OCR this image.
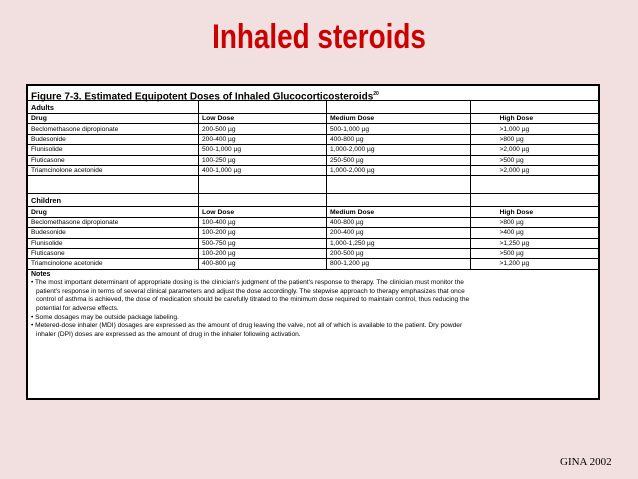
Inhaled steroids
Figure 7-3. Estimated Equipotent Doses of Inhaled Glucocorticosteroids$^{20}$
Adults			
Drug	Low Dose	Medium Dose	High Dose
Beclomethasone dipropionate	200-500 µg	500-1,000 µg	>1,000 µg
Budesonide	200-400 µg	400-800 µg	>800 µg
Flunisolide	500-1,000 µg	1,000-2,000 µg	>2,000 µg
Fluticasone	100-250 µg	250-500 µg	>500 µg
Triamcinolone acetonide	400-1,000 µg	1,000-2,000 µg	>2,000 µg

Children			
Drug	Low Dose	Medium Dose	High Dose
Beclomethasone dipropionate	100-400 µg	400-800 µg	>800 µg
Budesonide	100-200 µg	200-400 µg	>400 µg
Flunisolide	500-750 µg	1,000-1,250 µg	>1,250 µg
Fluticasone	100-200 µg	200-500 µg	>500 µg
Triamcinolone acetonide	400-800 µg	800-1,200 µg	>1,200 µg
Notes
• The most important determinant of appropriate dosing is the clinician's judgment of the patient's response to therapy. The clinician must monitor the
patient's response in terms of several clinical parameters and adjust the dose accordingly. The stepwise approach to therapy emphasizes that once
control of asthma is achieved, the dose of medication should be carefully titrated to the minimum dose required to maintain control, thus reducing the
potential for adverse effects.
• Some dosages may be outside package labeling.
• Metered-dose inhaler (MDI) dosages are expressed as the amount of drug leaving the valve, not all of which is available to the patient. Dry powder
inhaler (DPI) doses are expressed as the amount of drug in the inhaler following activation.
GINA 2002
